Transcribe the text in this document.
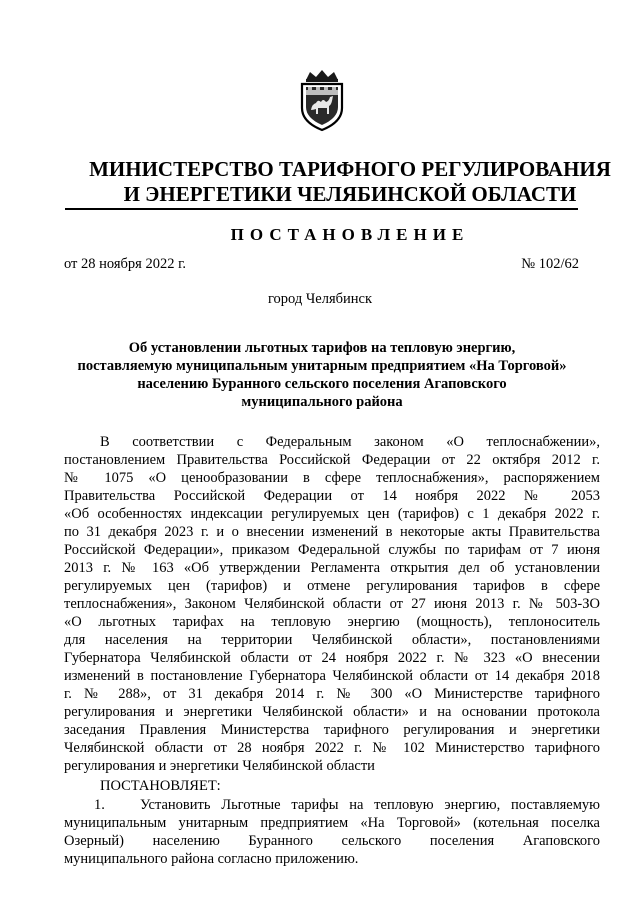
МИНИСТЕРСТВО ТАРИФНОГО РЕГУЛИРОВАНИЯ
И ЭНЕРГЕТИКИ ЧЕЛЯБИНСКОЙ ОБЛАСТИ
ПОСТАНОВЛЕНИЕ
от 28 ноября 2022 г.	№ 102/62
город Челябинск
Об установлении льготных тарифов на тепловую энергию,
поставляемую муниципальным унитарным предприятием «На Торговой»
населению Буранного сельского поселения Агаповского
муниципального района
В соответствии с Федеральным законом «О теплоснабжении»,
постановлением Правительства Российской Федерации от 22 октября 2012 г.
№ 1075 «О ценообразовании в сфере теплоснабжения», распоряжением
Правительства Российской Федерации от 14 ноября 2022 № 2053
«Об особенностях индексации регулируемых цен (тарифов) с 1 декабря 2022 г.
по 31 декабря 2023 г. и о внесении изменений в некоторые акты Правительства
Российской Федерации», приказом Федеральной службы по тарифам от 7 июня
2013 г. № 163 «Об утверждении Регламента открытия дел об установлении
регулируемых цен (тарифов) и отмене регулирования тарифов в сфере
теплоснабжения», Законом Челябинской области от 27 июня 2013 г. № 503-ЗО
«О льготных тарифах на тепловую энергию (мощность), теплоноситель
для населения на территории Челябинской области», постановлениями
Губернатора Челябинской области от 24 ноября 2022 г. № 323 «О внесении
изменений в постановление Губернатора Челябинской области от 14 декабря 2018
г. № 288», от 31 декабря 2014 г. № 300 «О Министерстве тарифного
регулирования и энергетики Челябинской области» и на основании протокола
заседания Правления Министерства тарифного регулирования и энергетики
Челябинской области от 28 ноября 2022 г. № 102 Министерство тарифного
регулирования и энергетики Челябинской области
ПОСТАНОВЛЯЕТ:
1. Установить Льготные тарифы на тепловую энергию, поставляемую
муниципальным унитарным предприятием «На Торговой» (котельная поселка
Озерный) населению Буранного сельского поселения Агаповского
муниципального района согласно приложению.
